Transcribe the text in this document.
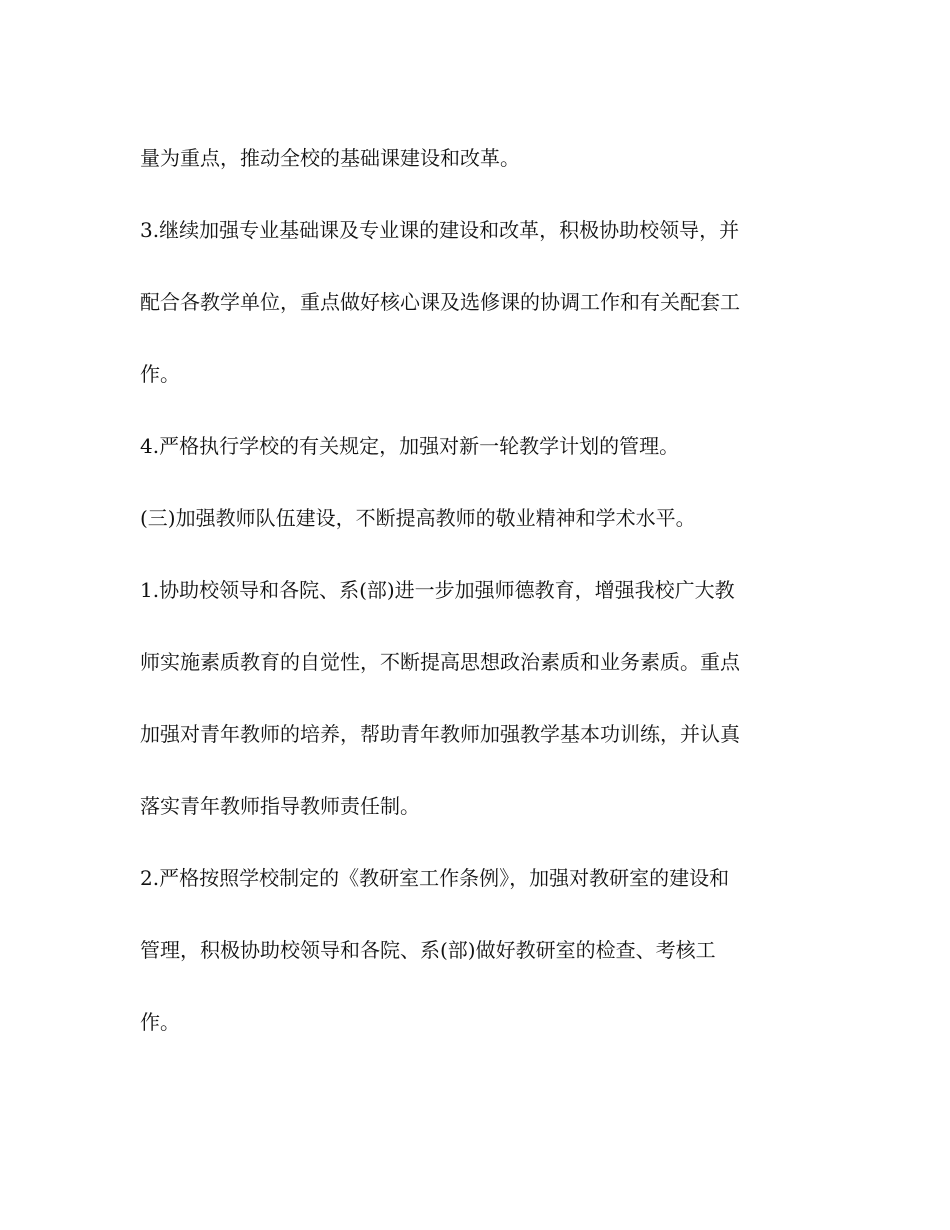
量为重点，推动全校的基础课建设和改革。
3.继续加强专业基础课及专业课的建设和改革，积极协助校领导，并
配合各教学单位，重点做好核心课及选修课的协调工作和有关配套工
作。
4.严格执行学校的有关规定，加强对新一轮教学计划的管理。
(三)加强教师队伍建设，不断提高教师的敬业精神和学术水平。
1.协助校领导和各院、系(部)进一步加强师德教育，增强我校广大教
师实施素质教育的自觉性，不断提高思想政治素质和业务素质。重点
加强对青年教师的培养，帮助青年教师加强教学基本功训练，并认真
落实青年教师指导教师责任制。
2.严格按照学校制定的《教研室工作条例》，加强对教研室的建设和
管理，积极协助校领导和各院、系(部)做好教研室的检查、考核工
作。
